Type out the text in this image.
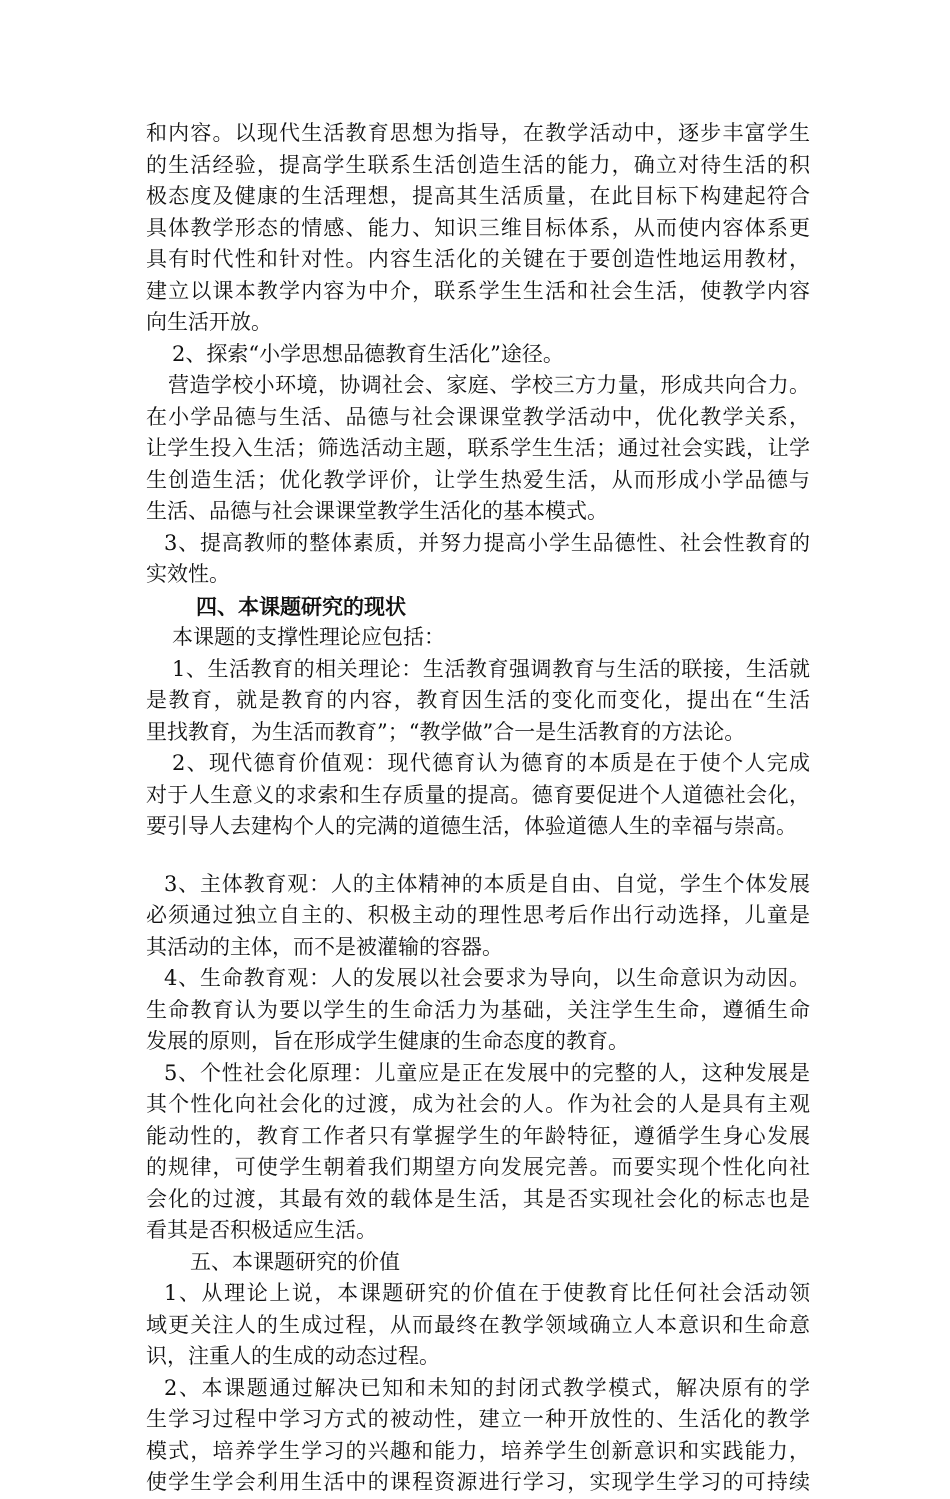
和内容。以现代生活教育思想为指导，在教学活动中，逐步丰富学生
的生活经验，提高学生联系生活创造生活的能力，确立对待生活的积
极态度及健康的生活理想，提高其生活质量，在此目标下构建起符合
具体教学形态的情感、能力、知识三维目标体系，从而使内容体系更
具有时代性和针对性。内容生活化的关键在于要创造性地运用教材，
建立以课本教学内容为中介，联系学生生活和社会生活，使教学内容
向生活开放。
2、探索“小学思想品德教育生活化”途径。
营造学校小环境，协调社会、家庭、学校三方力量，形成共向合力。
在小学品德与生活、品德与社会课课堂教学活动中，优化教学关系，
让学生投入生活；筛选活动主题，联系学生生活；通过社会实践，让学
生创造生活；优化教学评价，让学生热爱生活，从而形成小学品德与
生活、品德与社会课课堂教学生活化的基本模式。
3、提高教师的整体素质，并努力提高小学生品德性、社会性教育的
实效性。
四、本课题研究的现状
本课题的支撑性理论应包括：
1、生活教育的相关理论：生活教育强调教育与生活的联接，生活就
是教育，就是教育的内容，教育因生活的变化而变化，提出在“生活
里找教育，为生活而教育”；“教学做”合一是生活教育的方法论。
2、现代德育价值观：现代德育认为德育的本质是在于使个人完成
对于人生意义的求索和生存质量的提高。德育要促进个人道德社会化，
要引导人去建构个人的完满的道德生活，体验道德人生的幸福与崇高。
3、主体教育观：人的主体精神的本质是自由、自觉，学生个体发展
必须通过独立自主的、积极主动的理性思考后作出行动选择，儿童是
其活动的主体，而不是被灌输的容器。
4、生命教育观：人的发展以社会要求为导向，以生命意识为动因。
生命教育认为要以学生的生命活力为基础，关注学生生命，遵循生命
发展的原则，旨在形成学生健康的生命态度的教育。
5、个性社会化原理：儿童应是正在发展中的完整的人，这种发展是
其个性化向社会化的过渡，成为社会的人。作为社会的人是具有主观
能动性的，教育工作者只有掌握学生的年龄特征，遵循学生身心发展
的规律，可使学生朝着我们期望方向发展完善。而要实现个性化向社
会化的过渡，其最有效的载体是生活，其是否实现社会化的标志也是
看其是否积极适应生活。
五、本课题研究的价值
1、从理论上说，本课题研究的价值在于使教育比任何社会活动领
域更关注人的生成过程，从而最终在教学领域确立人本意识和生命意
识，注重人的生成的动态过程。
2、本课题通过解决已知和未知的封闭式教学模式，解决原有的学
生学习过程中学习方式的被动性，建立一种开放性的、生活化的教学
模式，培养学生学习的兴趣和能力，培养学生创新意识和实践能力，
使学生学会利用生活中的课程资源进行学习，实现学生学习的可持续
